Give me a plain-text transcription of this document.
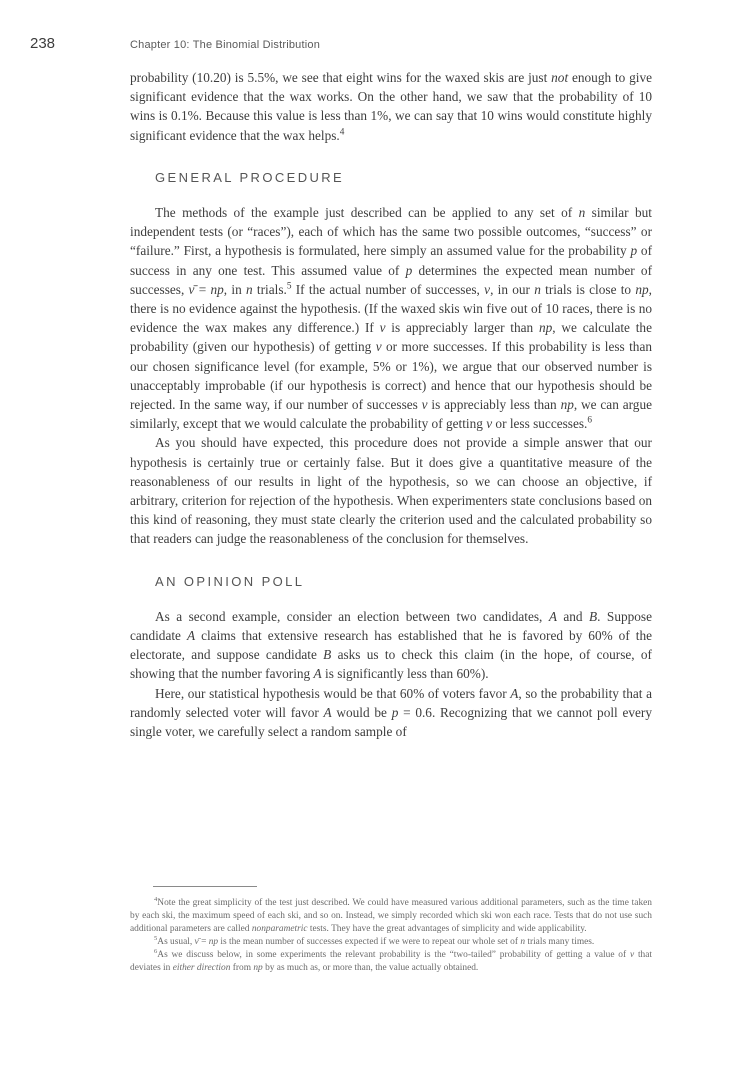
238	Chapter 10: The Binomial Distribution

probability (10.20) is 5.5%, we see that eight wins for the waxed skis are just not enough to give significant evidence that the wax works. On the other hand, we saw that the probability of 10 wins is 0.1%. Because this value is less than 1%, we can say that 10 wins would constitute highly significant evidence that the wax helps.$^4$

GENERAL PROCEDURE

The methods of the example just described can be applied to any set of n similar but independent tests (or “races”), each of which has the same two possible outcomes, “success” or “failure.” First, a hypothesis is formulated, here simply an assumed value for the probability p of success in any one test. This assumed value of p determines the expected mean number of successes, ν̄ = np, in n trials.$^5$ If the actual number of successes, ν, in our n trials is close to np, there is no evidence against the hypothesis. (If the waxed skis win five out of 10 races, there is no evidence the wax makes any difference.) If ν is appreciably larger than np, we calculate the probability (given our hypothesis) of getting ν or more successes. If this probability is less than our chosen significance level (for example, 5% or 1%), we argue that our observed number is unacceptably improbable (if our hypothesis is correct) and hence that our hypothesis should be rejected. In the same way, if our number of successes ν is appreciably less than np, we can argue similarly, except that we would calculate the probability of getting ν or less successes.$^6$

As you should have expected, this procedure does not provide a simple answer that our hypothesis is certainly true or certainly false. But it does give a quantitative measure of the reasonableness of our results in light of the hypothesis, so we can choose an objective, if arbitrary, criterion for rejection of the hypothesis. When experimenters state conclusions based on this kind of reasoning, they must state clearly the criterion used and the calculated probability so that readers can judge the reasonableness of the conclusion for themselves.

AN OPINION POLL

As a second example, consider an election between two candidates, A and B. Suppose candidate A claims that extensive research has established that he is favored by 60% of the electorate, and suppose candidate B asks us to check this claim (in the hope, of course, of showing that the number favoring A is significantly less than 60%).

Here, our statistical hypothesis would be that 60% of voters favor A, so the probability that a randomly selected voter will favor A would be p = 0.6. Recognizing that we cannot poll every single voter, we carefully select a random sample of

$^4$Note the great simplicity of the test just described. We could have measured various additional parameters, such as the time taken by each ski, the maximum speed of each ski, and so on. Instead, we simply recorded which ski won each race. Tests that do not use such additional parameters are called nonparametric tests. They have the great advantages of simplicity and wide applicability.

$^5$As usual, ν̄ = np is the mean number of successes expected if we were to repeat our whole set of n trials many times.

$^6$As we discuss below, in some experiments the relevant probability is the “two-tailed” probability of getting a value of ν that deviates in either direction from np by as much as, or more than, the value actually obtained.
